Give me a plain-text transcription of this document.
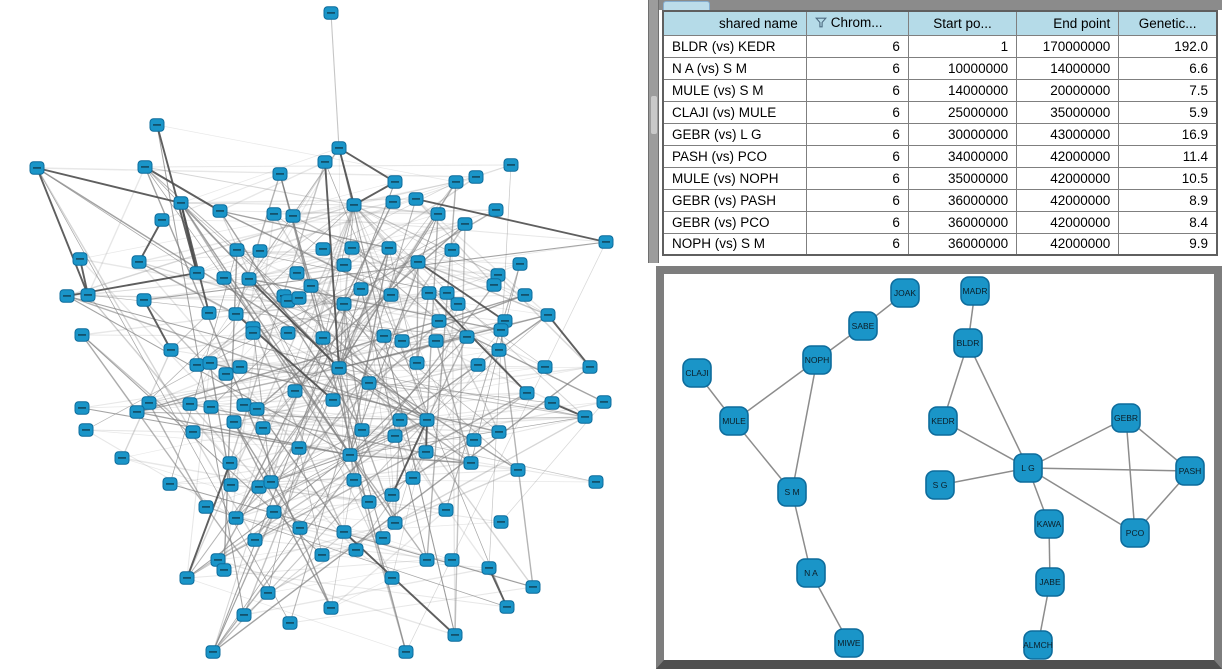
shared name	Chrom...	Start po...	End point	Genetic...
BLDR (vs) KEDR	6	1	170000000	192.0
N A (vs) S M	6	10000000	14000000	6.6
MULE (vs) S M	6	14000000	20000000	7.5
CLAJI (vs) MULE	6	25000000	35000000	5.9
GEBR (vs) L G	6	30000000	43000000	16.9
PASH (vs) PCO	6	34000000	42000000	11.4
MULE (vs) NOPH	6	35000000	42000000	10.5
GEBR (vs) PASH	6	36000000	42000000	8.9
GEBR (vs) PCO	6	36000000	42000000	8.4
NOPH (vs) S M	6	36000000	42000000	9.9
JOAK	MADR
SABE
BLDR
NOPH
CLAJI
KEDR	GEBR
MULE
L G	PASH
S G
S M
KAWA
PCO
N A
JABE
MIWE	ALMCH
